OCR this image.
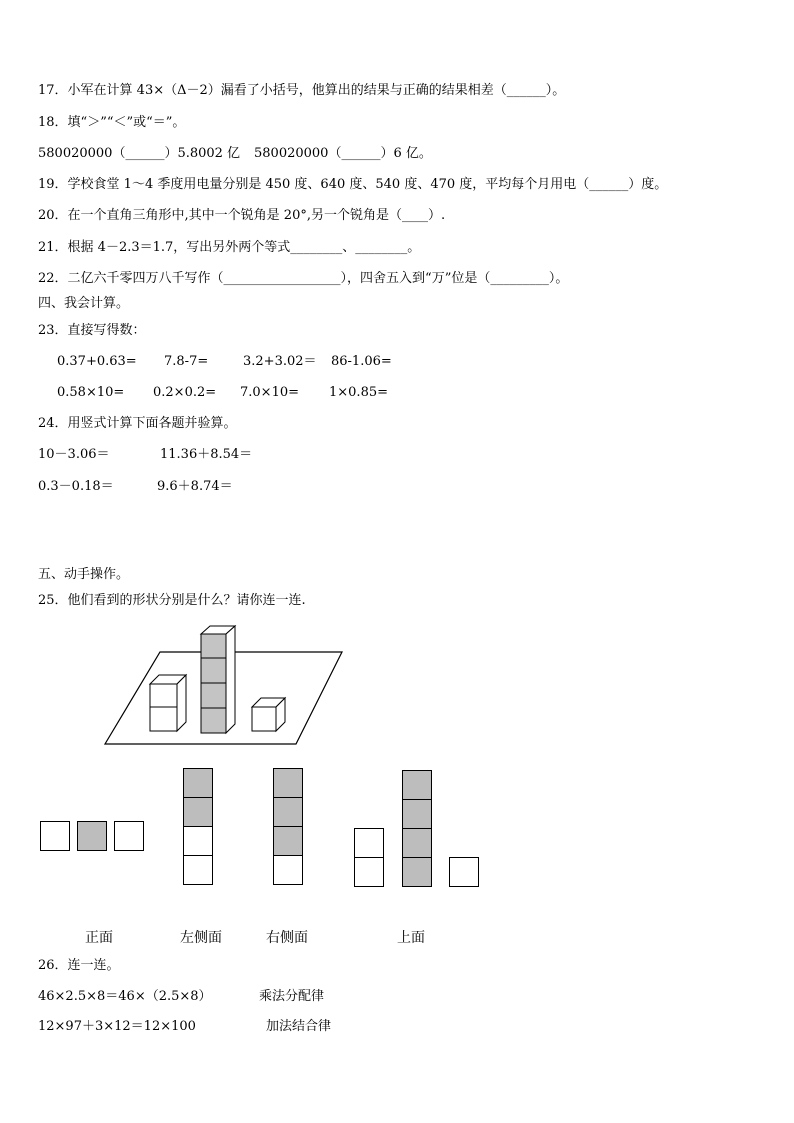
17．小军在计算 43×（Δ－2）漏看了小括号，他算出的结果与正确的结果相差（______）。
18．填“＞”“＜”或“＝”。
580020000（______）5.8002 亿 580020000（______）6 亿。
19．学校食堂 1～4 季度用电量分别是 450 度、640 度、540 度、470 度，平均每个月用电（______）度。
20．在一个直角三角形中,其中一个锐角是 20°,另一个锐角是（____）.
21．根据 4－2.3＝1.7，写出另外两个等式________、________。
22．二亿六千零四万八千写作（__________________），四舍五入到“万”位是（_________）。
四、我会计算。
23．直接写得数：
0.37+0.63= 7.8-7=	3.2+3.02＝ 86-1.06=
0.58×10= 0.2×0.2= 7.0×10= 1×0.85=
24．用竖式计算下面各题并验算。
10－3.06＝	11.36＋8.54＝
0.3－0.18＝	9.6＋8.74＝
五、动手操作。
25．他们看到的形状分别是什么？请你连一连.
正面	左侧面	右侧面	上面
26．连一连。
46×2.5×8＝46×（2.5×8）	乘法分配律
12×97＋3×12＝12×100	加法结合律
